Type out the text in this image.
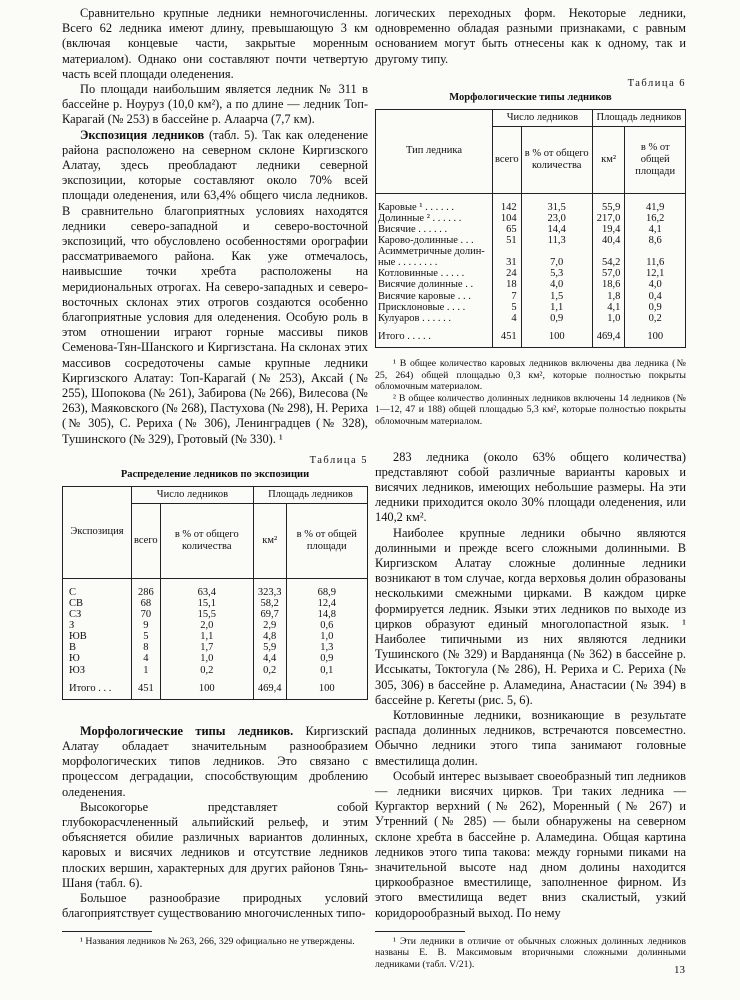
Сравнительно крупные ледники немногочисленны. Всего 62 ледника имеют длину, превышающую 3 км (включая концевые части, закрытые моренным материалом). Однако они составляют почти четвертую часть всей площади оледенения.

По площади наибольшим является ледник № 311 в бассейне р. Ноуруз (10,0 км²), а по длине — ледник Топ-Карагай (№ 253) в бассейне р. Алаарча (7,7 км).

Экспозиция ледников (табл. 5). Так как оледенение района расположено на северном склоне Киргизского Алатау, здесь преобладают ледники северной экспозиции, которые составляют около 70% всей площади оледенения, или 63,4% общего числа ледников. В сравнительно благоприятных условиях находятся ледники северо-западной и северо-восточной экспозиций, что обусловлено особенностями орографии рассматриваемого района. Как уже отмечалось, наивысшие точки хребта расположены на меридиональных отрогах. На северо-западных и северо-восточных склонах этих отрогов создаются особенно благоприятные условия для оледенения. Особую роль в этом отношении играют горные массивы пиков Семенова-Тян-Шанского и Киргизстана. На склонах этих массивов сосредоточены самые крупные ледники Киргизского Алатау: Топ-Карагай (№ 253), Аксай (№ 255), Шопокова (№ 261), Забирова (№ 266), Вилесова (№ 263), Маяковского (№ 268), Пастухова (№ 298), Н. Рериха (№ 305), С. Рериха (№ 306), Ленинградцев (№ 328), Тушинского (№ 329), Гротовый (№ 330). ¹

Таблица 5
Распределение ледников по экспозиции
Экспозиция	Число ледников		Площадь ледников	
	всего	в % от общего количества	км²	в % от общей площади
С	286	63,4	323,3	68,9
СВ	68	15,1	58,2	12,4
СЗ	70	15,5	69,7	14,8
З	9	2,0	2,9	0,6
ЮВ	5	1,1	4,8	1,0
В	8	1,7	5,9	1,3
Ю	4	1,0	4,4	0,9
ЮЗ	1	0,2	0,2	0,1
Итого . . .	451	100	469,4	100

Морфологические типы ледников. Киргизский Алатау обладает значительным разнообразием морфологических типов ледников. Это связано с процессом деградации, способствующим дроблению оледенения.

Высокогорье представляет собой глубокорасчлененный альпийский рельеф, и этим объясняется обилие различных вариантов долинных, каровых и висячих ледников и отсутствие ледников плоских вершин, характерных для других районов Тянь-Шаня (табл. 6).

Большое разнообразие природных условий благоприятствует существованию многочисленных типо-

¹ Названия ледников № 263, 266, 329 официально не утверждены.

логических переходных форм. Некоторые ледники, одновременно обладая разными признаками, с равным основанием могут быть отнесены как к одному, так и другому типу.

Таблица 6
Морфологические типы ледников
Тип ледника	Число ледников		Площадь ледников	
	всего	в % от общего количества	км²	в % от общей площади
Каровые ¹ . . . . . .	142	31,5	55,9	41,9
Долинные ² . . . . . .	104	23,0	217,0	16,2
Висячие . . . . . .	65	14,4	19,4	4,1
Карово-долинные . . .	51	11,3	40,4	8,6
Асимметричные долин-				
ные . . . . . . . .	31	7,0	54,2	11,6
Котловинные . . . . .	24	5,3	57,0	12,1
Висячие долинные . .	18	4,0	18,6	4,0
Висячие каровые . . .	7	1,5	1,8	0,4
Присклоновые . . . .	5	1,1	4,1	0,9
Кулуаров . . . . . .	4	0,9	1,0	0,2
Итого . . . . .	451	100	469,4	100

¹ В общее количество каровых ледников включены два ледника (№ 25, 264) общей площадью 0,3 км², которые полностью покрыты обломочным материалом.

² В общее количество долинных ледников включены 14 ледников (№ 1—12, 47 и 188) общей площадью 5,3 км², которые полностью покрыты обломочным материалом.

283 ледника (около 63% общего количества) представляют собой различные варианты каровых и висячих ледников, имеющих небольшие размеры. На эти ледники приходится около 30% площади оледенения, или 140,2 км².

Наиболее крупные ледники обычно являются долинными и прежде всего сложными долинными. В Киргизском Алатау сложные долинные ледники возникают в том случае, когда верховья долин образованы несколькими смежными цирками. В каждом цирке формируется ледник. Языки этих ледников по выходе из цирков образуют единый многолопастной язык. ¹ Наиболее типичными из них являются ледники Тушинского (№ 329) и Варданянца (№ 362) в бассейне р. Иссыкаты, Токтогула (№ 286), Н. Рериха и С. Рериха (№ 305, 306) в бассейне р. Аламедина, Анастасии (№ 394) в бассейне р. Кегеты (рис. 5, 6).

Котловинные ледники, возникающие в результате распада долинных ледников, встречаются повсеместно. Обычно ледники этого типа занимают головные вместилища долин.

Особый интерес вызывает своеобразный тип ледников — ледники висячих цирков. Три таких ледника — Кургактор верхний (№ 262), Моренный (№ 267) и Утренний (№ 285) — были обнаружены на северном склоне хребта в бассейне р. Аламедина. Общая картина ледников этого типа такова: между горными пиками на значительной высоте над дном долины находится циркообразное вместилище, заполненное фирном. Из этого вместилища ведет вниз скалистый, узкий коридорообразный выход. По нему

¹ Эти ледники в отличие от обычных сложных долинных ледников названы Е. В. Максимовым вторичными сложными долинными ледниками (табл. V/21).	13
